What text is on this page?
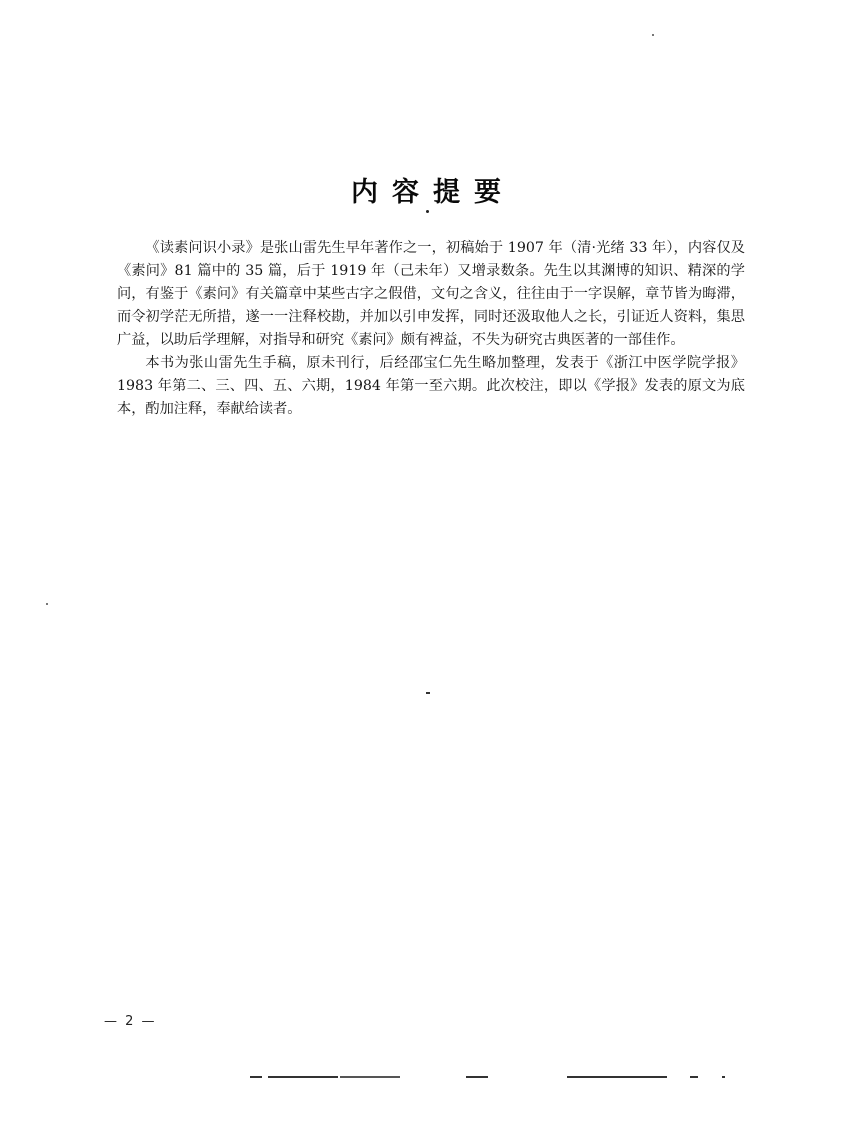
内容提要

《读素问识小录》是张山雷先生早年著作之一，初稿始于 1907 年（清·光绪 33 年），内容仅及《素问》81 篇中的 35 篇，后于 1919 年（己未年）又增录数条。先生以其渊博的知识、精深的学问，有鉴于《素问》有关篇章中某些古字之假借，文句之含义，往往由于一字误解，章节皆为晦滞，而令初学茫无所措，遂一一注释校勘，并加以引申发挥，同时还汲取他人之长，引证近人资料，集思广益，以助后学理解，对指导和研究《素问》颇有裨益，不失为研究古典医著的一部佳作。

本书为张山雷先生手稿，原未刊行，后经邵宝仁先生略加整理，发表于《浙江中医学院学报》1983 年第二、三、四、五、六期，1984 年第一至六期。此次校注，即以《学报》发表的原文为底本，酌加注释，奉献给读者。

— 2 —
